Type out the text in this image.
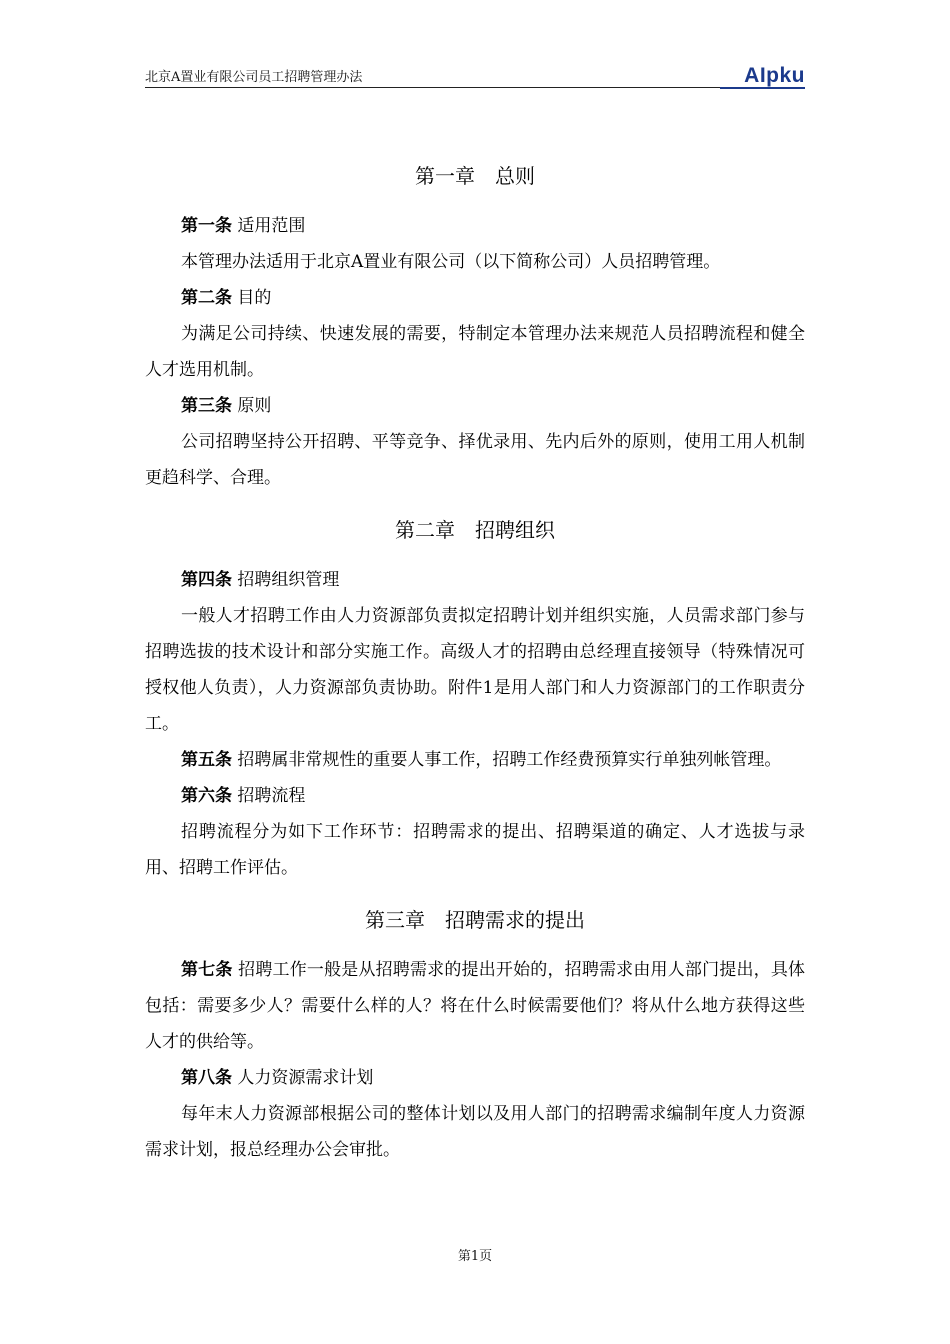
北京A置业有限公司员工招聘管理办法	AIpku
第一章　总则

第一条 适用范围

本管理办法适用于北京A置业有限公司（以下简称公司）人员招聘管理。

第二条 目的

为满足公司持续、快速发展的需要，特制定本管理办法来规范人员招聘流程和健全人才选用机制。

第三条 原则

公司招聘坚持公开招聘、平等竞争、择优录用、先内后外的原则，使用工用人机制更趋科学、合理。

第二章　招聘组织

第四条 招聘组织管理

一般人才招聘工作由人力资源部负责拟定招聘计划并组织实施，人员需求部门参与招聘选拔的技术设计和部分实施工作。高级人才的招聘由总经理直接领导（特殊情况可授权他人负责），人力资源部负责协助。附件1是用人部门和人力资源部门的工作职责分工。

第五条 招聘属非常规性的重要人事工作，招聘工作经费预算实行单独列帐管理。

第六条 招聘流程

招聘流程分为如下工作环节：招聘需求的提出、招聘渠道的确定、人才选拔与录用、招聘工作评估。

第三章　招聘需求的提出

第七条 招聘工作一般是从招聘需求的提出开始的，招聘需求由用人部门提出，具体包括：需要多少人？需要什么样的人？将在什么时候需要他们？将从什么地方获得这些人才的供给等。

第八条 人力资源需求计划

每年末人力资源部根据公司的整体计划以及用人部门的招聘需求编制年度人力资源需求计划，报总经理办公会审批。

第1页
